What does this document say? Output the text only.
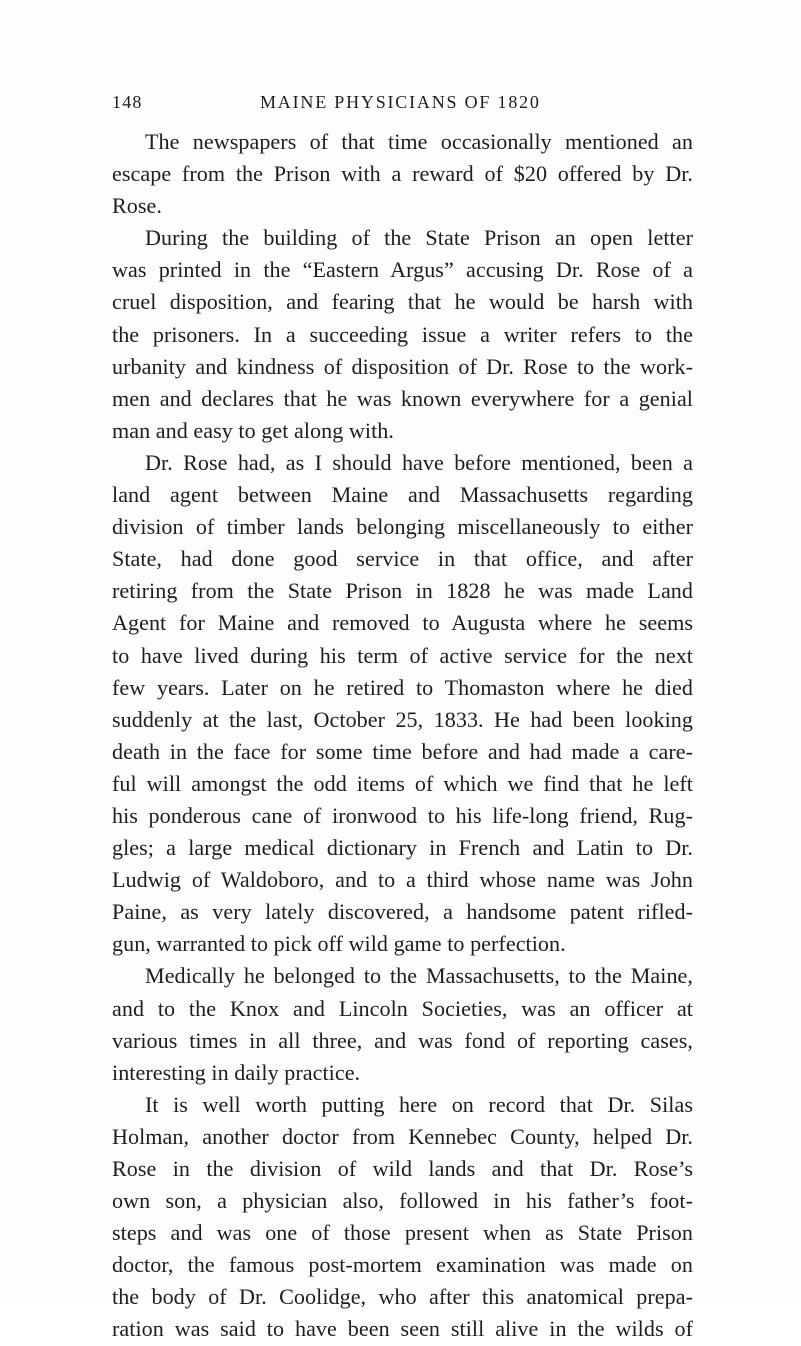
148	MAINE PHYSICIANS OF 1820
The newspapers of that time occasionally mentioned an
escape from the Prison with a reward of $20 offered by Dr.
Rose.
During the building of the State Prison an open letter
was printed in the “Eastern Argus” accusing Dr. Rose of a
cruel disposition, and fearing that he would be harsh with
the prisoners. In a succeeding issue a writer refers to the
urbanity and kindness of disposition of Dr. Rose to the work-
men and declares that he was known everywhere for a genial
man and easy to get along with.
Dr. Rose had, as I should have before mentioned, been a
land agent between Maine and Massachusetts regarding
division of timber lands belonging miscellaneously to either
State, had done good service in that office, and after
retiring from the State Prison in 1828 he was made Land
Agent for Maine and removed to Augusta where he seems
to have lived during his term of active service for the next
few years. Later on he retired to Thomaston where he died
suddenly at the last, October 25, 1833. He had been looking
death in the face for some time before and had made a care-
ful will amongst the odd items of which we find that he left
his ponderous cane of ironwood to his life-long friend, Rug-
gles; a large medical dictionary in French and Latin to Dr.
Ludwig of Waldoboro, and to a third whose name was John
Paine, as very lately discovered, a handsome patent rifled-
gun, warranted to pick off wild game to perfection.
Medically he belonged to the Massachusetts, to the Maine,
and to the Knox and Lincoln Societies, was an officer at
various times in all three, and was fond of reporting cases,
interesting in daily practice.
It is well worth putting here on record that Dr. Silas
Holman, another doctor from Kennebec County, helped Dr.
Rose in the division of wild lands and that Dr. Rose’s
own son, a physician also, followed in his father’s foot-
steps and was one of those present when as State Prison
doctor, the famous post-mortem examination was made on
the body of Dr. Coolidge, who after this anatomical prepa-
ration was said to have been seen still alive in the wilds of
